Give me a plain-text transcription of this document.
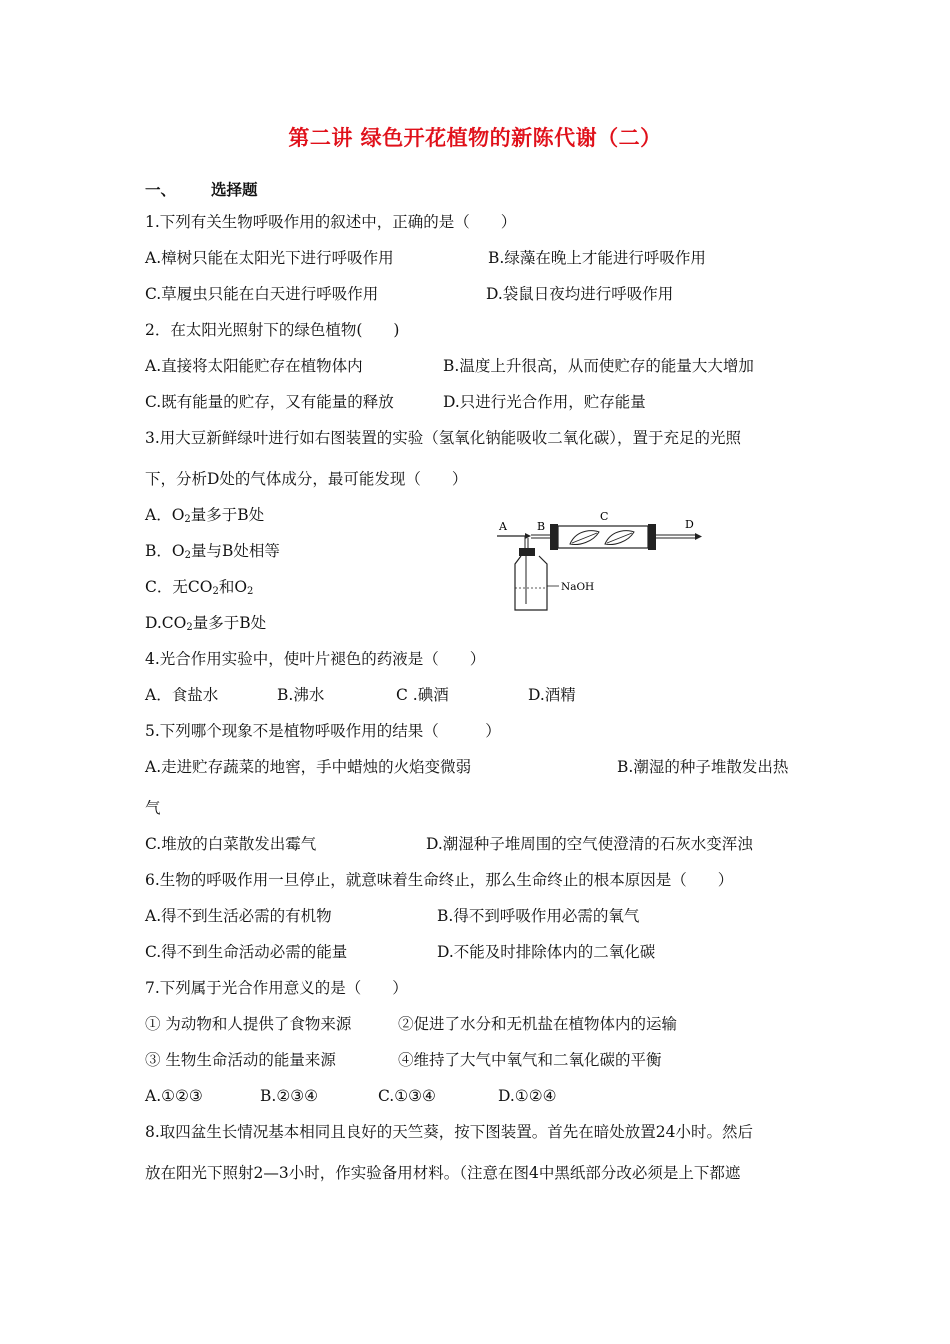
第二讲 绿色开花植物的新陈代谢（二）
一、 选择题
1.下列有关生物呼吸作用的叙述中，正确的是（　　）
A.樟树只能在太阳光下进行呼吸作用	B.绿藻在晚上才能进行呼吸作用
C.草履虫只能在白天进行呼吸作用	D.袋鼠日夜均进行呼吸作用
2．在太阳光照射下的绿色植物(　　)
A.直接将太阳能贮存在植物体内	B.温度上升很高，从而使贮存的能量大大增加
C.既有能量的贮存，又有能量的释放	D.只进行光合作用，贮存能量
3.用大豆新鲜绿叶进行如右图装置的实验（氢氧化钠能吸收二氧化碳），置于充足的光照
下，分析D处的气体成分，最可能发现（　　）
A．$O_2$量多于B处
B．$O_2$量与B处相等
C．无$CO_2$和$O_2$
$D.CO_2$量多于B处
A	B
C
D
NaOH
4.光合作用实验中，使叶片褪色的药液是（　　）
A．食盐水	B.沸水	C .碘酒	D.酒精
5.下列哪个现象不是植物呼吸作用的结果（　　　）
A.走进贮存蔬菜的地窖，手中蜡烛的火焰变微弱	B.潮湿的种子堆散发出热
气
C.堆放的白菜散发出霉气	D.潮湿种子堆周围的空气使澄清的石灰水变浑浊
6.生物的呼吸作用一旦停止，就意味着生命终止，那么生命终止的根本原因是（　　）
A.得不到生活必需的有机物	B.得不到呼吸作用必需的氧气
C.得不到生命活动必需的能量	D.不能及时排除体内的二氧化碳
7.下列属于光合作用意义的是（　　）
① 为动物和人提供了食物来源	②促进了水分和无机盐在植物体内的运输
③ 生物生命活动的能量来源	④维持了大气中氧气和二氧化碳的平衡
A.①②③	B.②③④	C.①③④	D.①②④
8.取四盆生长情况基本相同且良好的天竺葵，按下图装置。首先在暗处放置24小时。然后
放在阳光下照射2—3小时，作实验备用材料。（注意在图4中黑纸部分改必须是上下都遮
